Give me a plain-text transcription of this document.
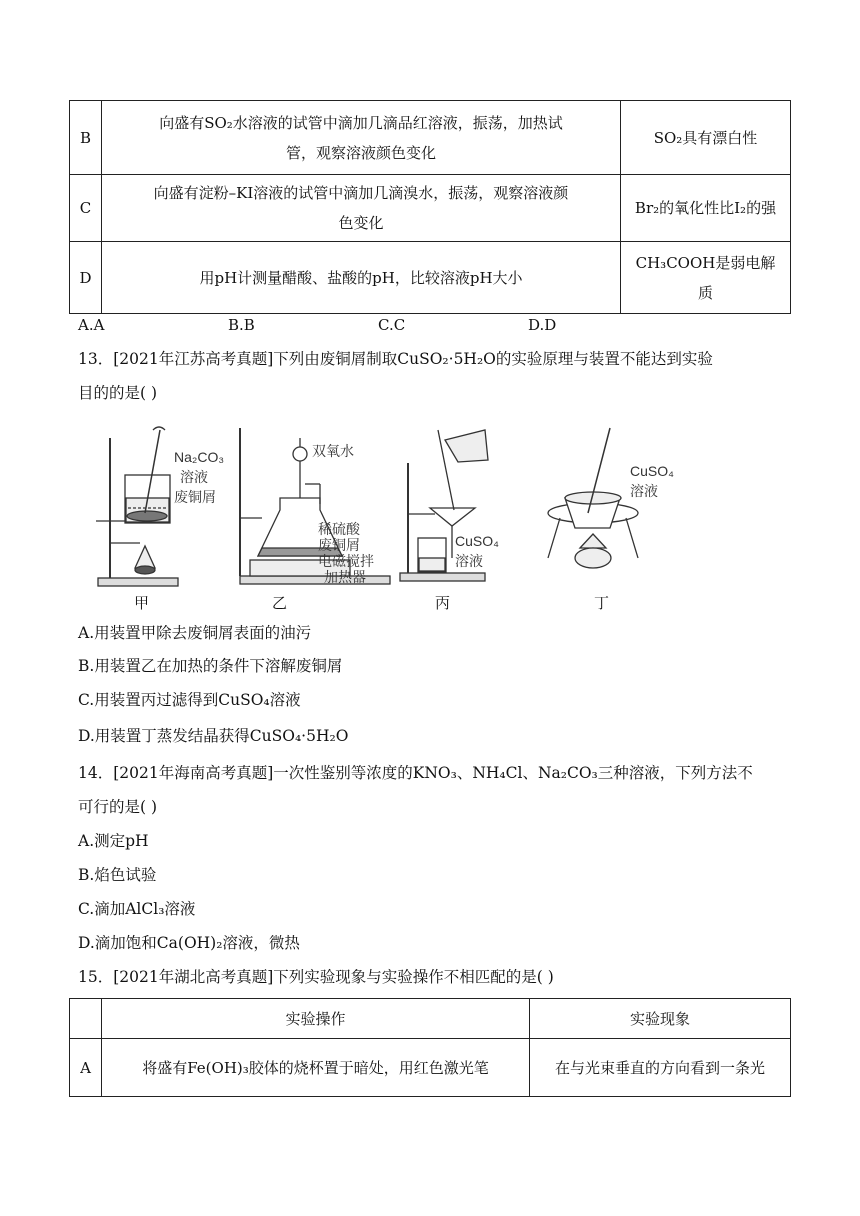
B	向盛有SO₂水溶液的试管中滴加几滴品红溶液，振荡，加热试
管，观察溶液颜色变化	SO₂具有漂白性

C	向盛有淀粉–KI溶液的试管中滴加几滴溴水，振荡，观察溶液颜
色变化	Br₂的氧化性比I₂的强

D	用pH计测量醋酸、盐酸的pH，比较溶液pH大小	CH₃COOH是弱电解
质
A.A	B.B	C.C	D.D
13．[2021年江苏高考真题]下列由废铜屑制取CuSO₂·5H₂O的实验原理与装置不能达到实验
目的的是( )
Na₂CO₃
溶液
废铜屑
双氧水
稀硫酸
废铜屑
电磁搅拌
加热器
CuSO₄
溶液
CuSO₄
溶液
甲	乙	丙	丁
A.用装置甲除去废铜屑表面的油污
B.用装置乙在加热的条件下溶解废铜屑
C.用装置丙过滤得到CuSO₄溶液
D.用装置丁蒸发结晶获得CuSO₄·5H₂O
14．[2021年海南高考真题]一次性鉴别等浓度的KNO₃、NH₄Cl、Na₂CO₃三种溶液，下列方法不
可行的是( )
A.测定pH
B.焰色试验
C.滴加AlCl₃溶液
D.滴加饱和Ca(OH)₂溶液，微热
15．[2021年湖北高考真题]下列实验现象与实验操作不相匹配的是( )
	实验操作	实验现象
A	将盛有Fe(OH)₃胶体的烧杯置于暗处，用红色激光笔	在与光束垂直的方向看到一条光
